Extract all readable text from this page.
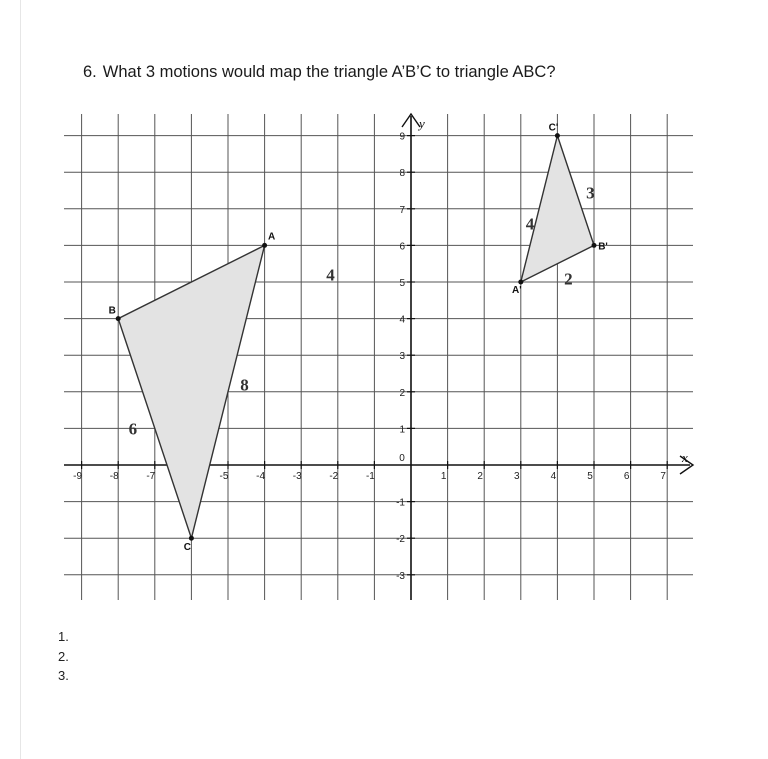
6. What 3 motions would map the triangle A’B’C to triangle ABC?
-9	-8	-7	-5	-4	-3	-2	-1	1	2	3	4	5	6	7
-3
-2
-1
1
2
3
4
5
6
7
8
9
0	x
y
A
B
C
4
6
8
A'
B'
C'
4
3
2
1.
2.
3.
